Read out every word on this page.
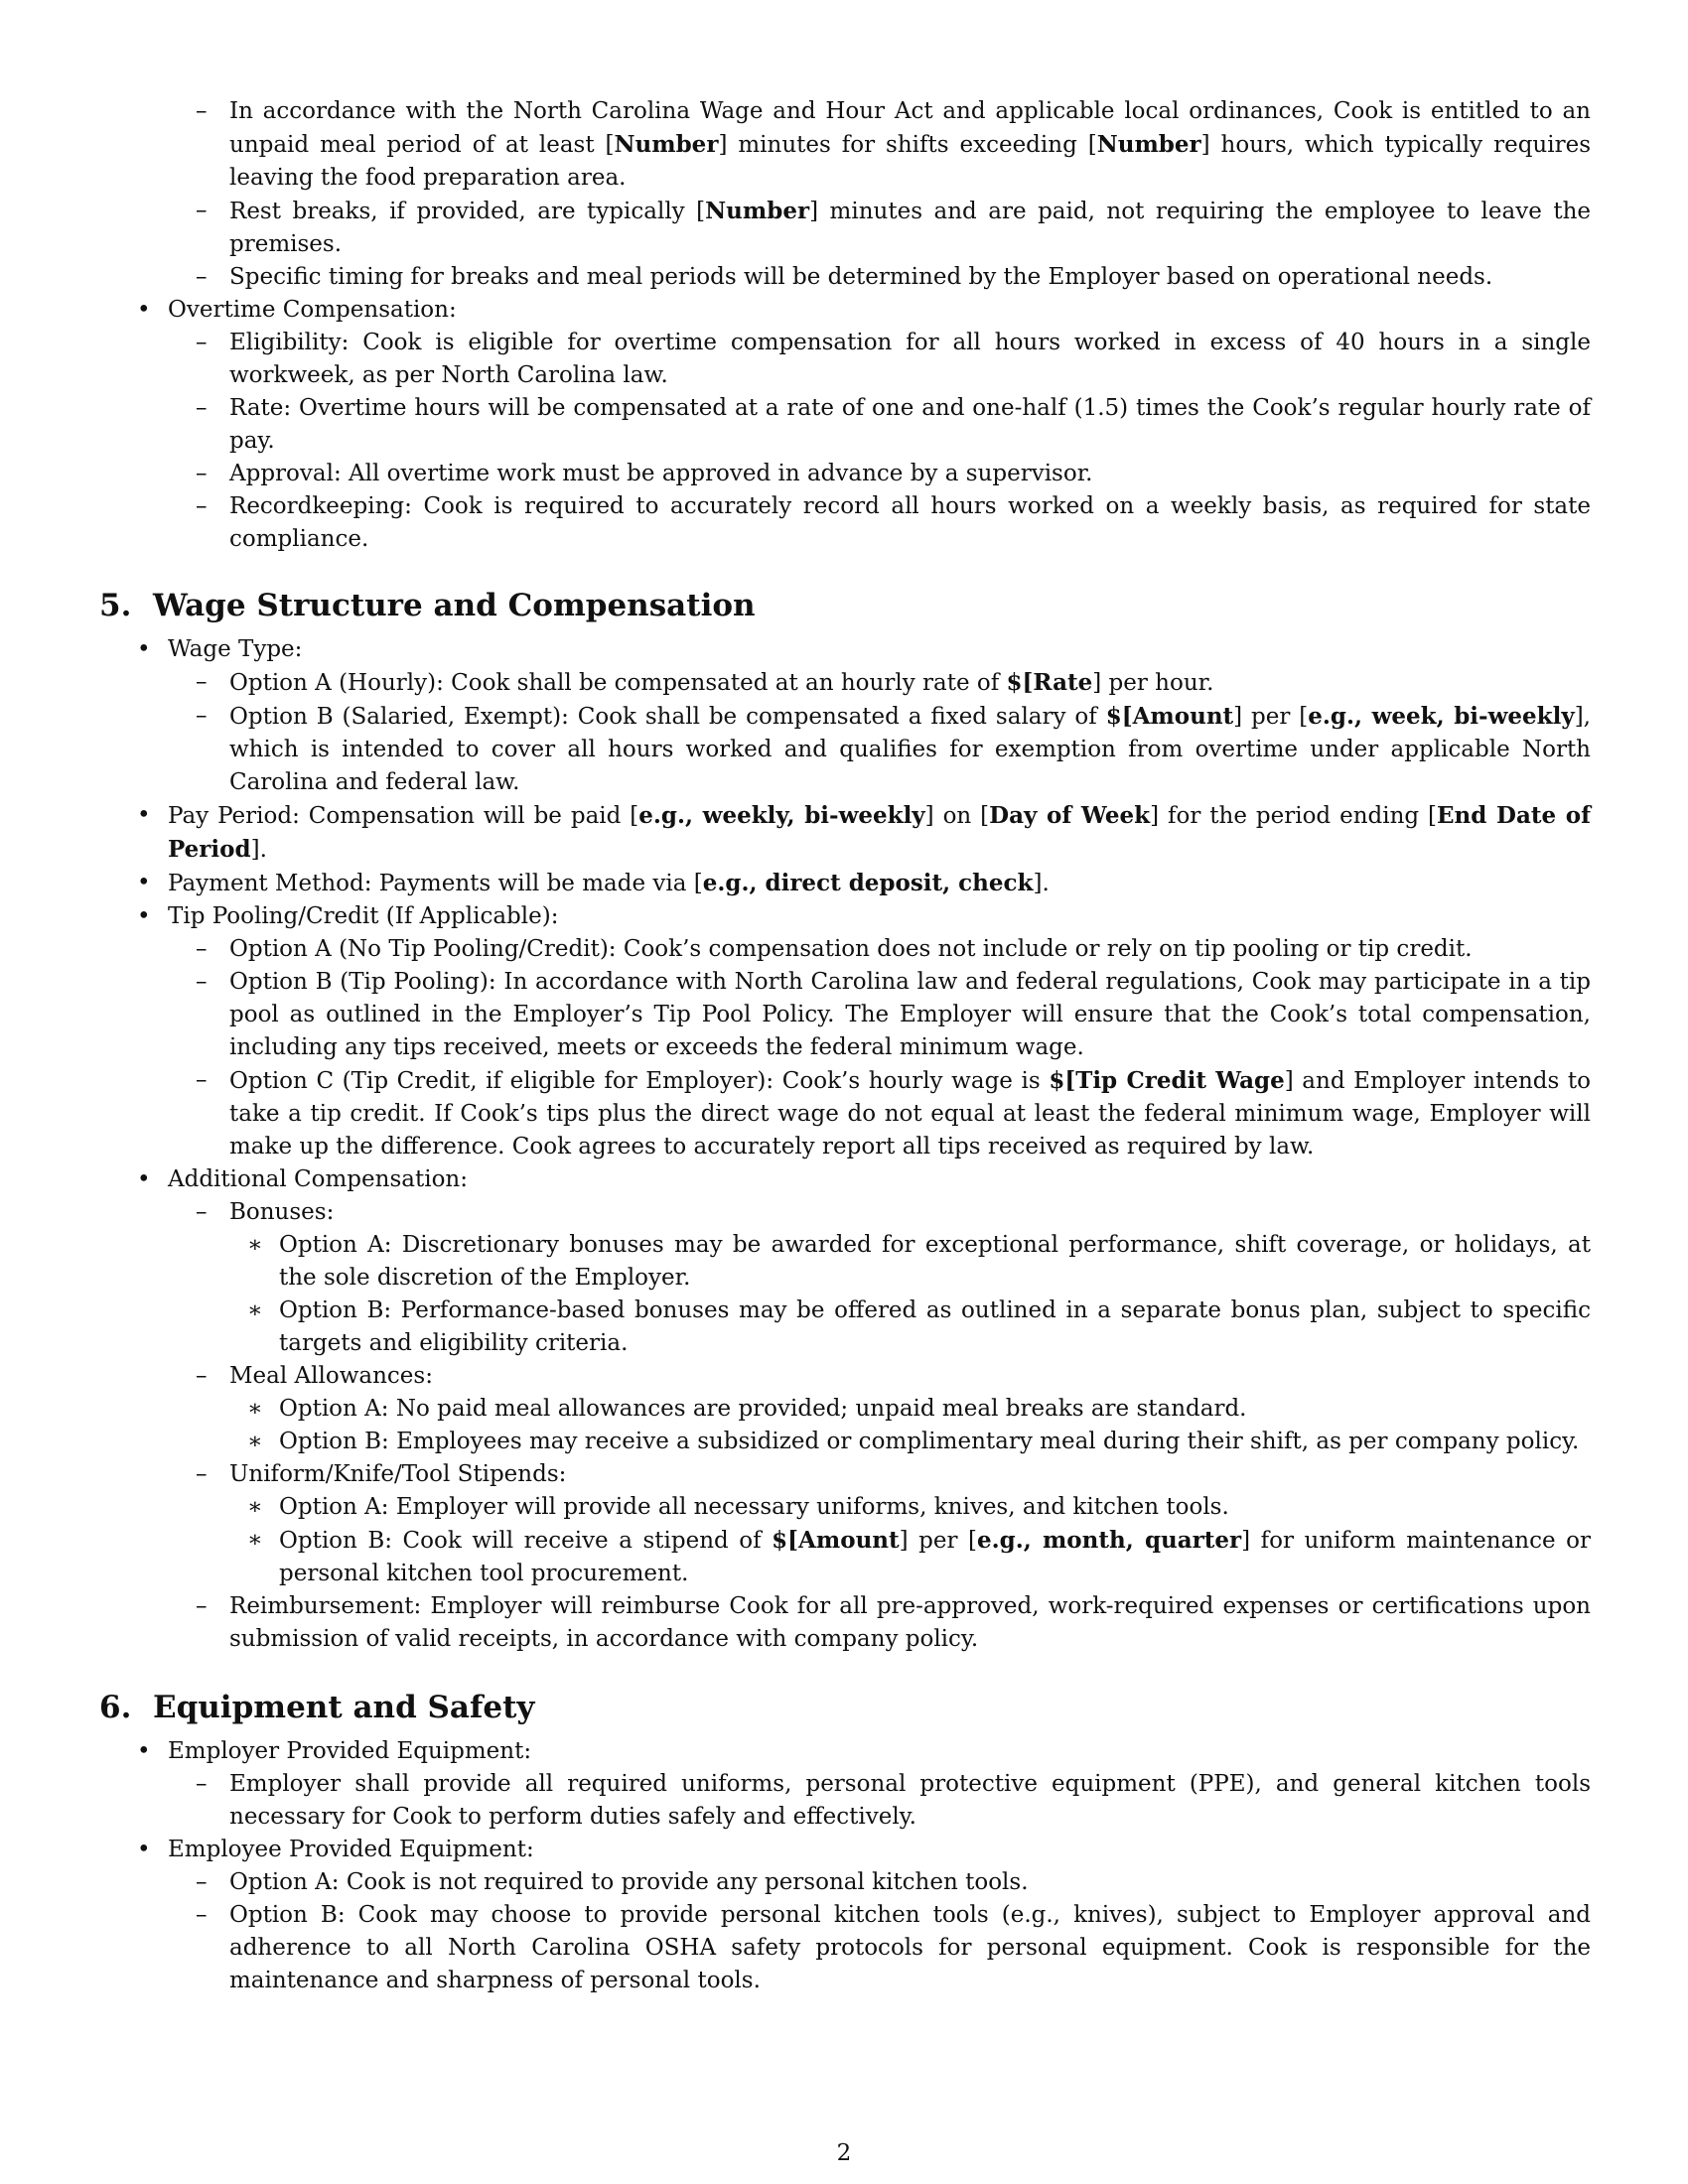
– In accordance with the North Carolina Wage and Hour Act and applicable local ordinances, Cook is entitled to an unpaid meal period of at least [Number] minutes for shifts exceeding [Number] hours, which typically requires leaving the food preparation area.
– Rest breaks, if provided, are typically [Number] minutes and are paid, not requiring the employee to leave the premises.
– Specific timing for breaks and meal periods will be determined by the Employer based on operational needs.
• Overtime Compensation:
– Eligibility: Cook is eligible for overtime compensation for all hours worked in excess of 40 hours in a single workweek, as per North Carolina law.
– Rate: Overtime hours will be compensated at a rate of one and one-half (1.5) times the Cook’s regular hourly rate of pay.
– Approval: All overtime work must be approved in advance by a supervisor.
– Recordkeeping: Cook is required to accurately record all hours worked on a weekly basis, as required for state compliance.
5. Wage Structure and Compensation
• Wage Type:
– Option A (Hourly): Cook shall be compensated at an hourly rate of $[Rate] per hour.
– Option B (Salaried, Exempt): Cook shall be compensated a fixed salary of $[Amount] per [e.g., week, bi-weekly], which is intended to cover all hours worked and qualifies for exemption from overtime under applicable North Carolina and federal law.
• Pay Period: Compensation will be paid [e.g., weekly, bi-weekly] on [Day of Week] for the period ending [End Date of Period].
• Payment Method: Payments will be made via [e.g., direct deposit, check].
• Tip Pooling/Credit (If Applicable):
– Option A (No Tip Pooling/Credit): Cook’s compensation does not include or rely on tip pooling or tip credit.
– Option B (Tip Pooling): In accordance with North Carolina law and federal regulations, Cook may participate in a tip pool as outlined in the Employer’s Tip Pool Policy. The Employer will ensure that the Cook’s total compensation, including any tips received, meets or exceeds the federal minimum wage.
– Option C (Tip Credit, if eligible for Employer): Cook’s hourly wage is $[Tip Credit Wage] and Employer intends to take a tip credit. If Cook’s tips plus the direct wage do not equal at least the federal minimum wage, Employer will make up the difference. Cook agrees to accurately report all tips received as required by law.
• Additional Compensation:
– Bonuses:
∗ Option A: Discretionary bonuses may be awarded for exceptional performance, shift coverage, or holidays, at the sole discretion of the Employer.
∗ Option B: Performance-based bonuses may be offered as outlined in a separate bonus plan, subject to specific targets and eligibility criteria.
– Meal Allowances:
∗ Option A: No paid meal allowances are provided; unpaid meal breaks are standard.
∗ Option B: Employees may receive a subsidized or complimentary meal during their shift, as per company policy.
– Uniform/Knife/Tool Stipends:
∗ Option A: Employer will provide all necessary uniforms, knives, and kitchen tools.
∗ Option B: Cook will receive a stipend of $[Amount] per [e.g., month, quarter] for uniform maintenance or personal kitchen tool procurement.
– Reimbursement: Employer will reimburse Cook for all pre-approved, work-required expenses or certifications upon submission of valid receipts, in accordance with company policy.
6. Equipment and Safety
• Employer Provided Equipment:
– Employer shall provide all required uniforms, personal protective equipment (PPE), and general kitchen tools necessary for Cook to perform duties safely and effectively.
• Employee Provided Equipment:
– Option A: Cook is not required to provide any personal kitchen tools.
– Option B: Cook may choose to provide personal kitchen tools (e.g., knives), subject to Employer approval and adherence to all North Carolina OSHA safety protocols for personal equipment. Cook is responsible for the maintenance and sharpness of personal tools.
2
